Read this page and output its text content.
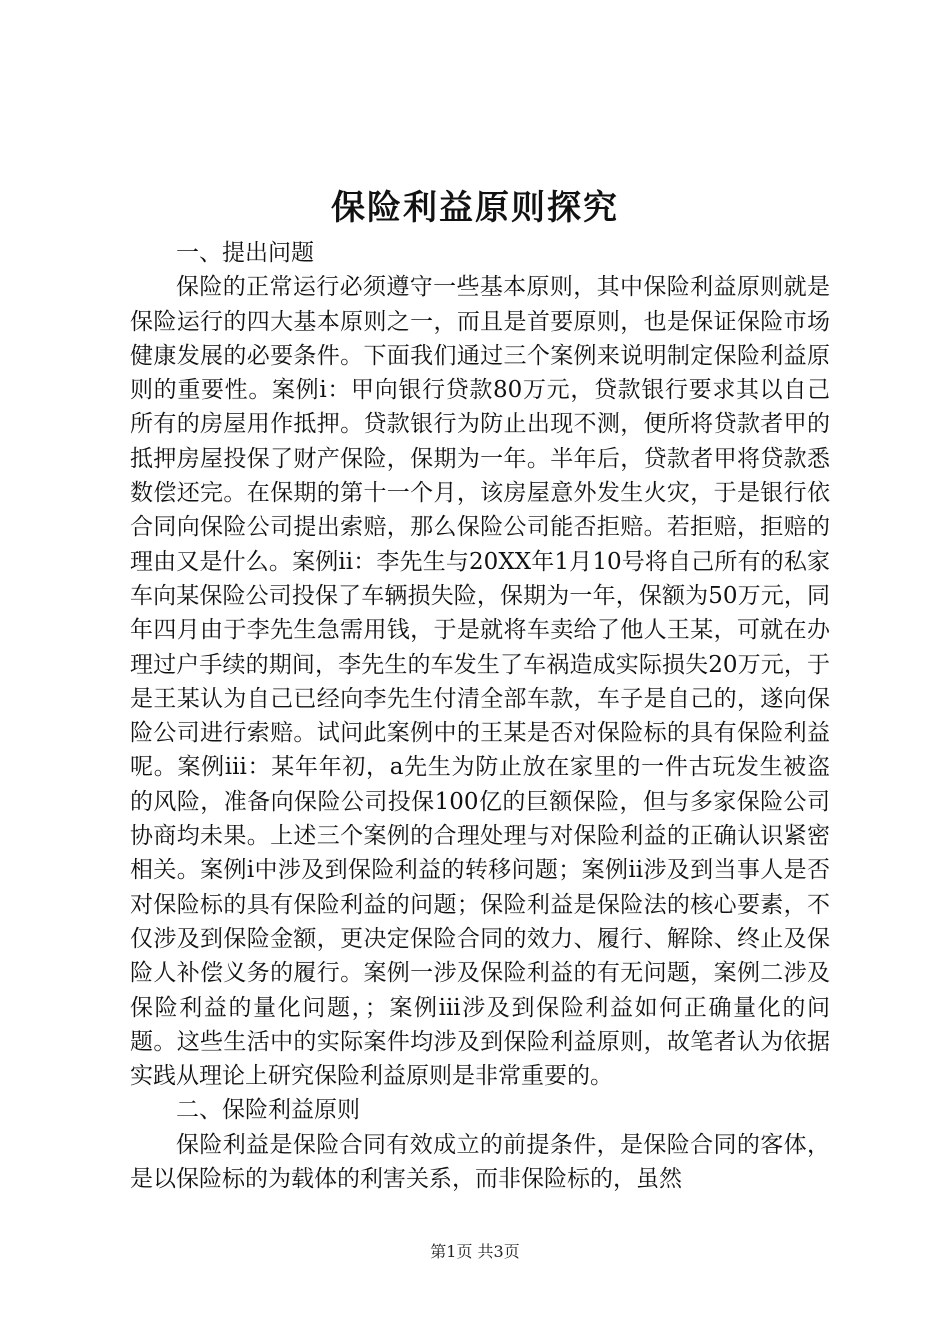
保险利益原则探究

一、提出问题

保险的正常运行必须遵守一些基本原则，其中保险利益原则就是保险运行的四大基本原则之一，而且是首要原则，也是保证保险市场健康发展的必要条件。下面我们通过三个案例来说明制定保险利益原则的重要性。案例i：甲向银行贷款80万元，贷款银行要求其以自己所有的房屋用作抵押。贷款银行为防止出现不测，便所将贷款者甲的抵押房屋投保了财产保险，保期为一年。半年后，贷款者甲将贷款悉数偿还完。在保期的第十一个月，该房屋意外发生火灾，于是银行依合同向保险公司提出索赔，那么保险公司能否拒赔。若拒赔，拒赔的理由又是什么。案例ii：李先生与20XX年1月10号将自己所有的私家车向某保险公司投保了车辆损失险，保期为一年，保额为50万元，同年四月由于李先生急需用钱，于是就将车卖给了他人王某，可就在办理过户手续的期间，李先生的车发生了车祸造成实际损失20万元，于是王某认为自己已经向李先生付清全部车款，车子是自己的，遂向保险公司进行索赔。试问此案例中的王某是否对保险标的具有保险利益呢。案例iii：某年年初，a先生为防止放在家里的一件古玩发生被盗的风险，准备向保险公司投保100亿的巨额保险，但与多家保险公司协商均未果。上述三个案例的合理处理与对保险利益的正确认识紧密相关。案例i中涉及到保险利益的转移问题；案例ii涉及到当事人是否对保险标的具有保险利益的问题；保险利益是保险法的核心要素，不仅涉及到保险金额，更决定保险合同的效力、履行、解除、终止及保险人补偿义务的履行。案例一涉及保险利益的有无问题，案例二涉及保险利益的量化问题，；案例iii涉及到保险利益如何正确量化的问题。这些生活中的实际案件均涉及到保险利益原则，故笔者认为依据实践从理论上研究保险利益原则是非常重要的。

二、保险利益原则

保险利益是保险合同有效成立的前提条件，是保险合同的客体，是以保险标的为载体的利害关系，而非保险标的，虽然

第1页 共3页
